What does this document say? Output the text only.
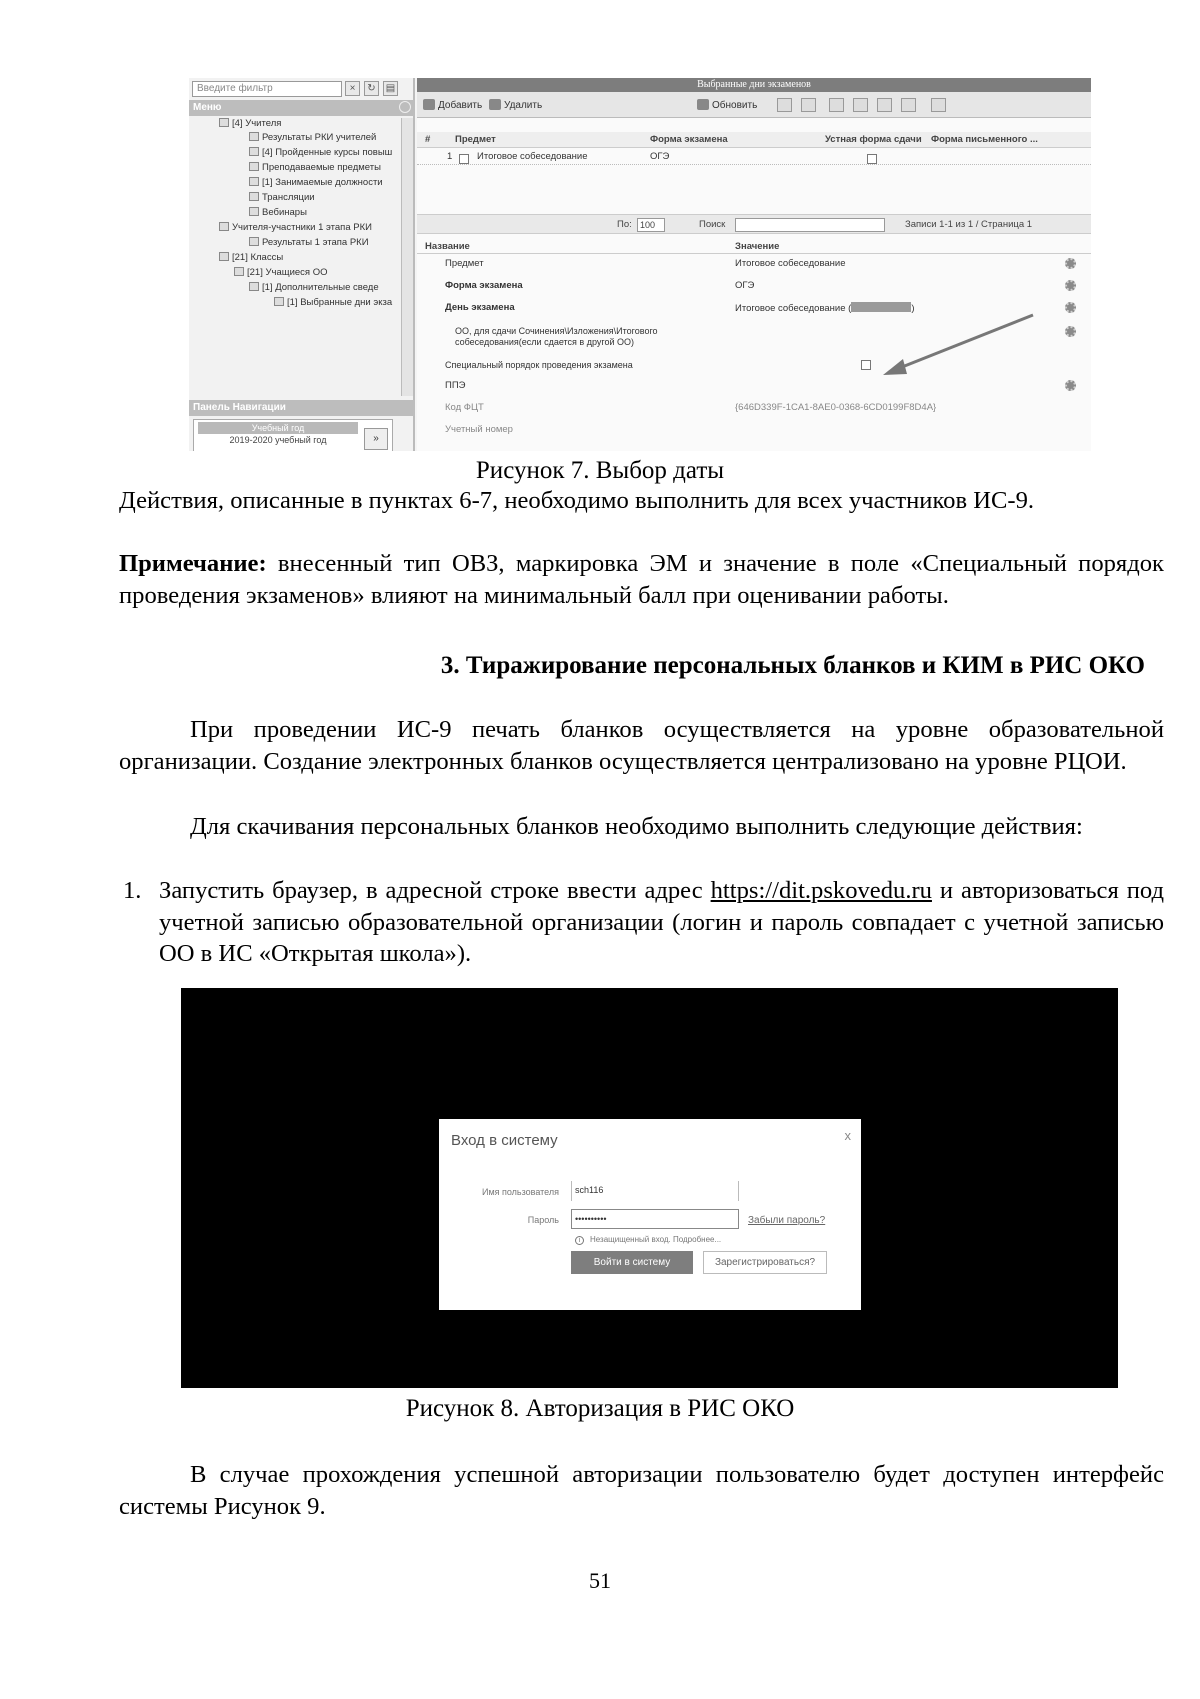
Введите фильтр	×	↻	▤
Меню
[4] Учителя
Результаты РКИ учителей
[4] Пройденные курсы повыш
Преподаваемые предметы
[1] Занимаемые должности
Трансляции
Вебинары
Учителя-участники 1 этапа РКИ
Результаты 1 этапа РКИ
[21] Классы
[21] Учащиеся ОО
[1] Дополнительные сведе
[1] Выбранные дни экза
Панель Навигации
Учебный год
2019-2020 учебный год	»
Выбранные дни экзаменов
Добавить	Удалить	Обновить
#	Предмет	Форма экзамена	Устная форма сдачи Форма письменного ...
1	Итоговое собеседование	ОГЭ
По: 100	Поиск	Записи 1-1 из 1 / Страница 1
Название	Значение
Предмет	Итоговое собеседование
Форма экзамена	ОГЭ
День экзамена	Итоговое собеседование (	)
ОО, для сдачи Сочинения\Изложения\Итогового собеседования(если сдается в другой ОО)
Специальный порядок проведения экзамена
ППЭ
Код ФЦТ	{646D339F-1CA1-8AE0-0368-6CD0199F8D4A}
Учетный номер
Рисунок 7. Выбор даты
Действия, описанные в пунктах 6-7, необходимо выполнить для всех участников ИС-9.
Примечание: внесенный тип ОВЗ, маркировка ЭМ и значение в поле «Специальный порядок проведения экзаменов» влияют на минимальный балл при оценивании работы.
3. Тиражирование персональных бланков и КИМ в РИС ОКО
При проведении ИС-9 печать бланков осуществляется на уровне образовательной организации. Создание электронных бланков осуществляется централизовано на уровне РЦОИ.
Для скачивания персональных бланков необходимо выполнить следующие действия:
1. Запустить браузер, в адресной строке ввести адрес https://dit.pskovedu.ru и авторизоваться под учетной записью образовательной организации (логин и пароль совпадает с учетной записью ОО в ИС «Открытая школа»).
Вход в систему	x
Имя пользователя	sch116
Пароль	••••••••••	Забыли пароль?
i Незащищенный вход. Подробнее...
Войти в систему	Зарегистрироваться?
Рисунок 8. Авторизация в РИС ОКО
В случае прохождения успешной авторизации пользователю будет доступен интерфейс системы Рисунок 9.
51
